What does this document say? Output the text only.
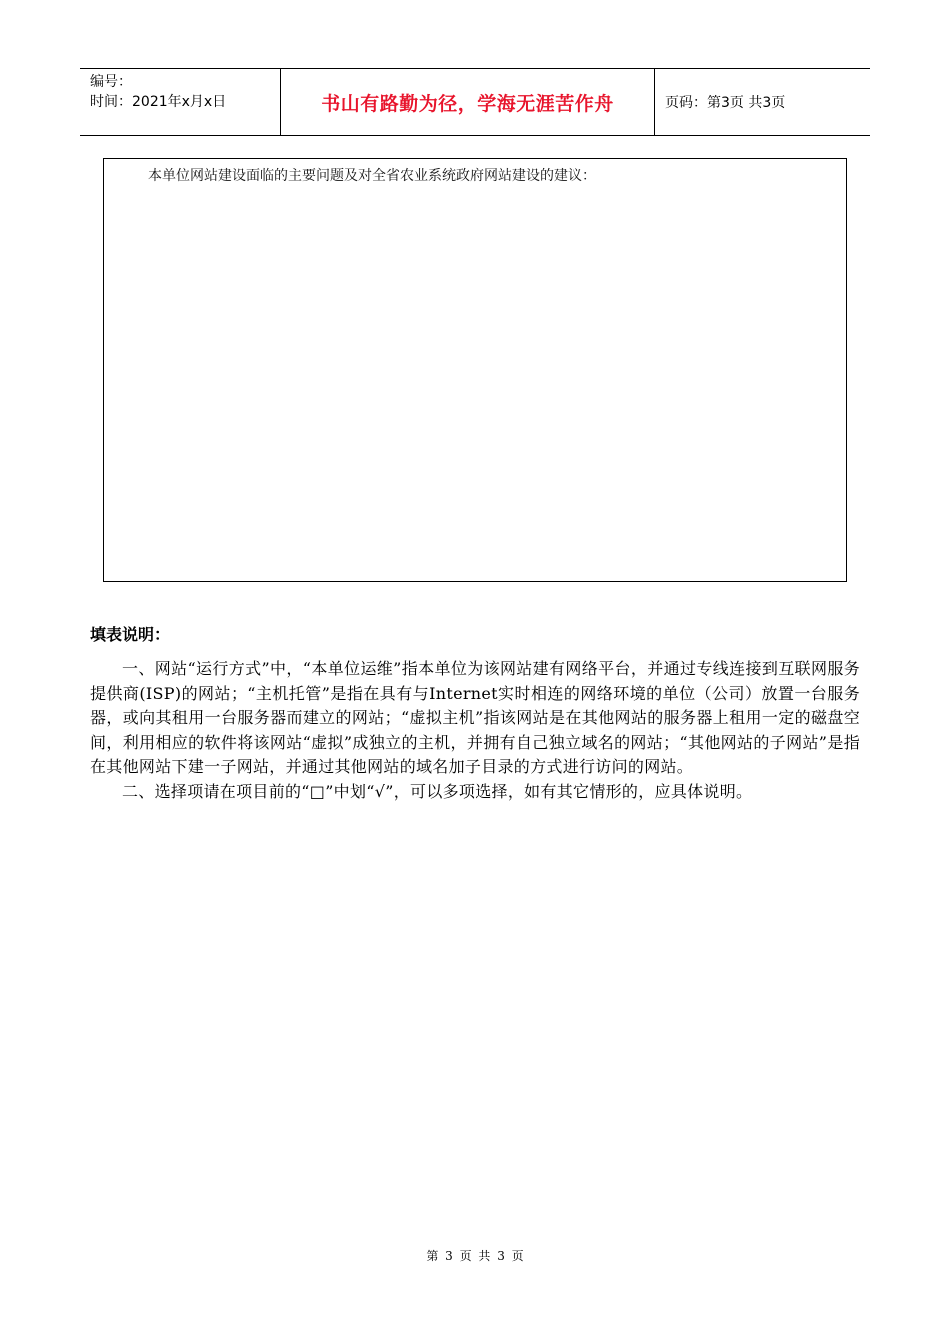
编号：
时间：2021年x月x日	书山有路勤为径，学海无涯苦作舟	页码：第3页 共3页
本单位网站建设面临的主要问题及对全省农业系统政府网站建设的建议：
填表说明：

一、网站“运行方式”中，“本单位运维”指本单位为该网站建有网络平台，并通过专线连接到互联网服务提供商(ISP)的网站；“主机托管”是指在具有与Internet实时相连的网络环境的单位（公司）放置一台服务器，或向其租用一台服务器而建立的网站；“虚拟主机”指该网站是在其他网站的服务器上租用一定的磁盘空间，利用相应的软件将该网站“虚拟”成独立的主机，并拥有自己独立域名的网站；“其他网站的子网站”是指在其他网站下建一子网站，并通过其他网站的域名加子目录的方式进行访问的网站。

二、选择项请在项目前的“□”中划“√”，可以多项选择，如有其它情形的，应具体说明。

第 3 页 共 3 页
